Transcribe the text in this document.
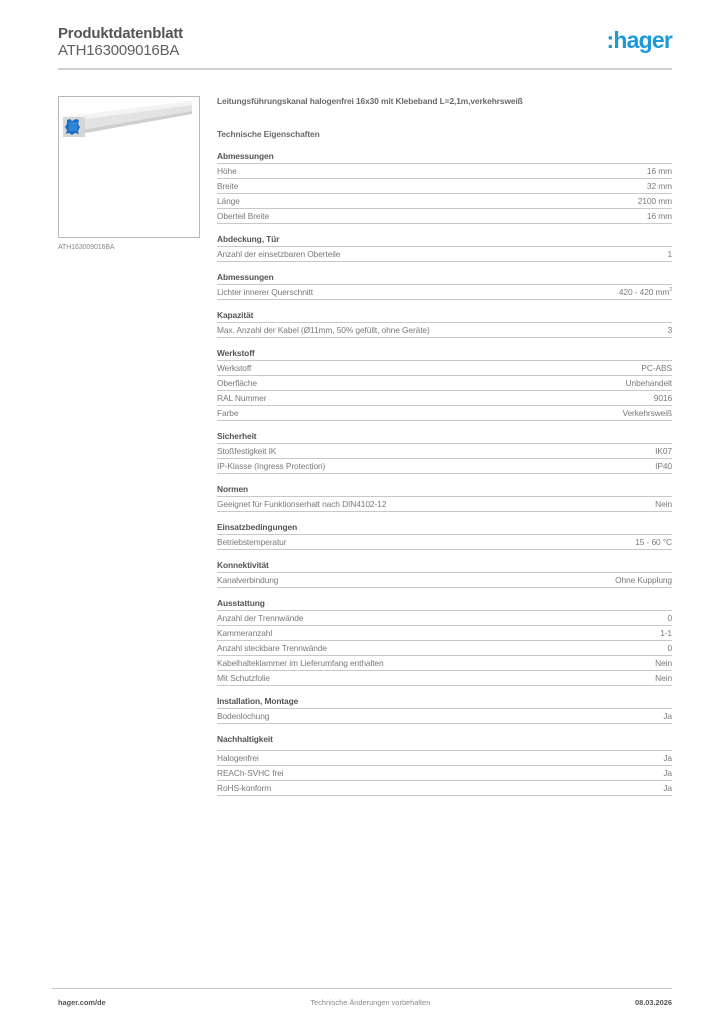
Produktdatenblatt
ATH163009016BA	:hager
ATH163009016BA
Leitungsführungskanal halogenfrei 16x30 mit Klebeband L=2,1m,verkehrsweiß
Technische Eigenschaften
Abmessungen
Höhe	16 mm
Breite	32 mm
Länge	2100 mm
Oberteil Breite	16 mm
Abdeckung, Tür
Anzahl der einsetzbaren Oberteile	1
Abmessungen
Lichter innerer Querschnitt	420 - 420 $mm^2$
Kapazität
Max. Anzahl der Kabel (Ø11mm, 50% gefüllt, ohne Geräte)	3
Werkstoff
Werkstoff	PC-ABS
Oberfläche	Unbehandelt
RAL Nummer	9016
Farbe	Verkehrsweiß
Sicherheit
Stoßfestigkeit IK	IK07
IP-Klasse (Ingress Protection)	IP40
Normen
Geeignet für Funktionserhalt nach DIN4102-12	Nein
Einsatzbedingungen
Betriebstemperatur	15 - 60 °C
Konnektivität
Kanalverbindung	Ohne Kupplung
Ausstattung
Anzahl der Trennwände	0
Kammeranzahl	1-1
Anzahl steckbare Trennwände	0
Kabelhalteklammer im Lieferumfang enthalten	Nein
Mit Schutzfolie	Nein
Installation, Montage
Bodenlochung	Ja
Nachhaltigkeit
Halogenfrei	Ja
REACh-SVHC frei	Ja
RoHS-konform	Ja
hager.com/de	Technische Änderungen vorbehalten	08.03.2026
